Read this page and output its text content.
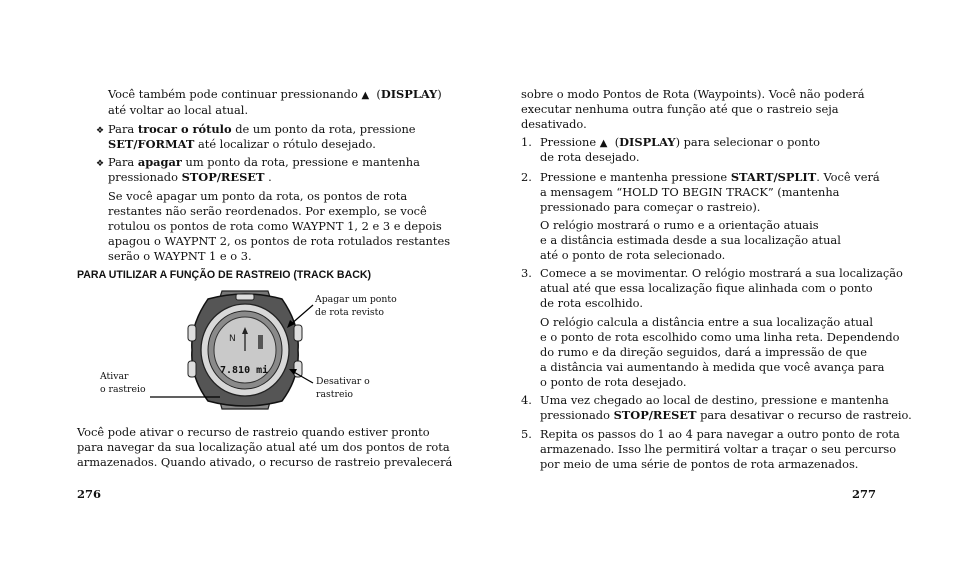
Você também pode continuar pressionando ▲ (DISPLAY)
até voltar ao local atual.
❖ Para trocar o rótulo de um ponto da rota, pressione
SET/FORMAT até localizar o rótulo desejado.
❖ Para apagar um ponto da rota, pressione e mantenha
pressionado STOP/RESET .
Se você apagar um ponto da rota, os pontos de rota
restantes não serão reordenados. Por exemplo, se você
rotulou os pontos de rota como WAYPNT 1, 2 e 3 e depois
apagou o WAYPNT 2, os pontos de rota rotulados restantes
serão o WAYPNT 1 e o 3.
PARA UTILIZAR A FUNÇÃO DE RASTREIO (TRACK BACK)
N
7.810 mi
Apagar um ponto
de rota revisto
Ativar
o rastreio
Desativar o
rastreio
Você pode ativar o recurso de rastreio quando estiver pronto
para navegar da sua localização atual até um dos pontos de rota
armazenados. Quando ativado, o recurso de rastreio prevalecerá
276
sobre o modo Pontos de Rota (Waypoints). Você não poderá
executar nenhuma outra função até que o rastreio seja
desativado.
1. Pressione ▲  (DISPLAY) para selecionar o ponto
de rota desejado.
2. Pressione e mantenha pressione START/SPLIT. Você verá
a mensagem “HOLD TO BEGIN TRACK” (mantenha
pressionado para começar o rastreio).
O relógio mostrará o rumo e a orientação atuais
e a distância estimada desde a sua localização atual
até o ponto de rota selecionado.
3. Comece a se movimentar. O relógio mostrará a sua localização
atual até que essa localização fique alinhada com o ponto
de rota escolhido.
O relógio calcula a distância entre a sua localização atual
e o ponto de rota escolhido como uma linha reta. Dependendo
do rumo e da direção seguidos, dará a impressão de que
a distância vai aumentando à medida que você avança para
o ponto de rota desejado.
4. Uma vez chegado ao local de destino, pressione e mantenha
pressionado STOP/RESET para desativar o recurso de rastreio.
5. Repita os passos do 1 ao 4 para navegar a outro ponto de rota
armazenado. Isso lhe permitirá voltar a traçar o seu percurso
por meio de uma série de pontos de rota armazenados.
277
